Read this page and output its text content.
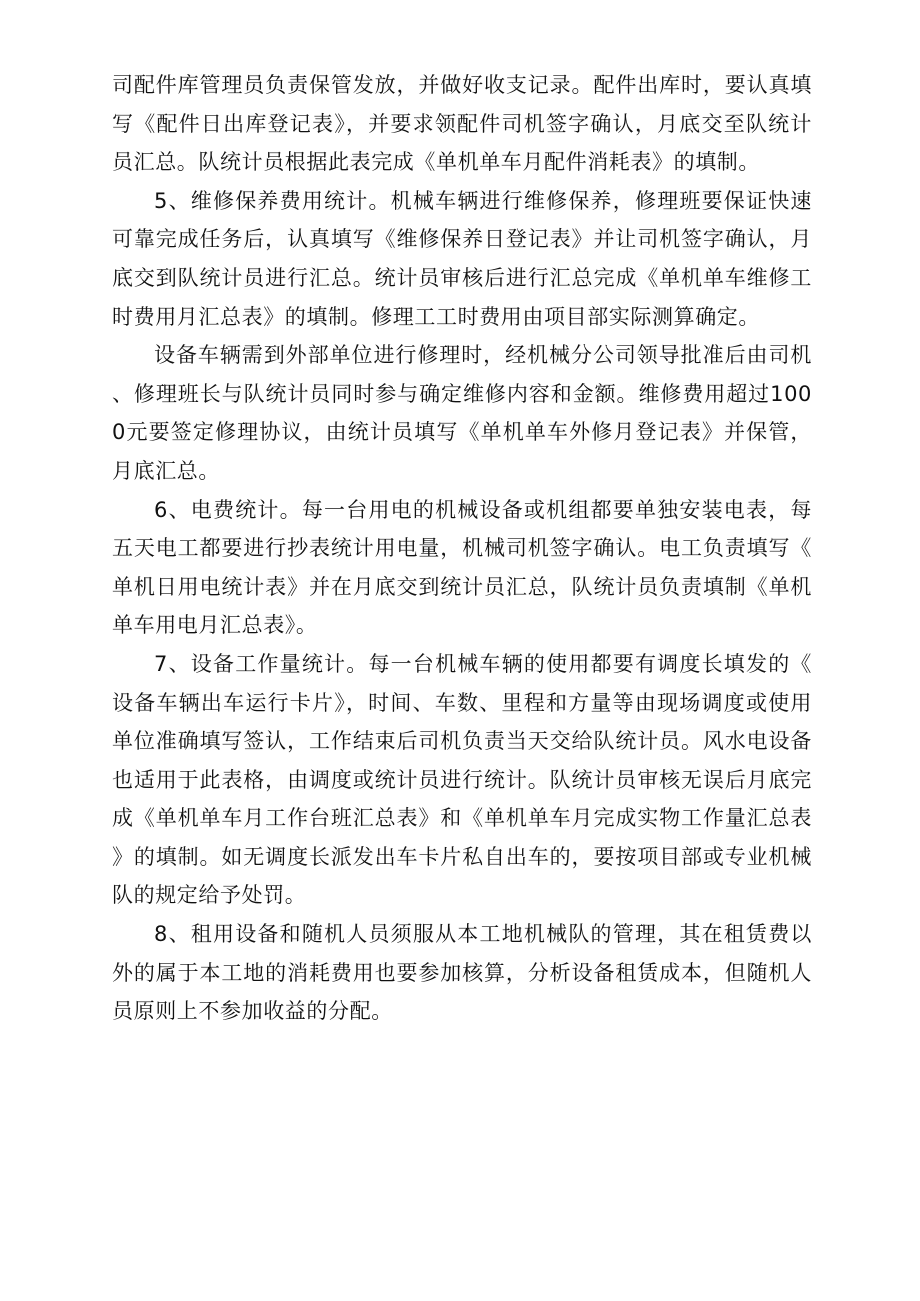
司配件库管理员负责保管发放，并做好收支记录。配件出库时，要认真填写《配件日出库登记表》，并要求领配件司机签字确认，月底交至队统计员汇总。队统计员根据此表完成《单机单车月配件消耗表》的填制。

5、维修保养费用统计。机械车辆进行维修保养，修理班要保证快速可靠完成任务后，认真填写《维修保养日登记表》并让司机签字确认，月底交到队统计员进行汇总。统计员审核后进行汇总完成《单机单车维修工时费用月汇总表》的填制。修理工工时费用由项目部实际测算确定。

设备车辆需到外部单位进行修理时，经机械分公司领导批准后由司机、修理班长与队统计员同时参与确定维修内容和金额。维修费用超过1000元要签定修理协议，由统计员填写《单机单车外修月登记表》并保管，月底汇总。

6、电费统计。每一台用电的机械设备或机组都要单独安装电表，每五天电工都要进行抄表统计用电量，机械司机签字确认。电工负责填写《单机日用电统计表》并在月底交到统计员汇总，队统计员负责填制《单机单车用电月汇总表》。

7、设备工作量统计。每一台机械车辆的使用都要有调度长填发的《设备车辆出车运行卡片》，时间、车数、里程和方量等由现场调度或使用单位准确填写签认，工作结束后司机负责当天交给队统计员。风水电设备也适用于此表格，由调度或统计员进行统计。队统计员审核无误后月底完成《单机单车月工作台班汇总表》和《单机单车月完成实物工作量汇总表》的填制。如无调度长派发出车卡片私自出车的，要按项目部或专业机械队的规定给予处罚。

8、租用设备和随机人员须服从本工地机械队的管理，其在租赁费以外的属于本工地的消耗费用也要参加核算，分析设备租赁成本，但随机人员原则上不参加收益的分配。
